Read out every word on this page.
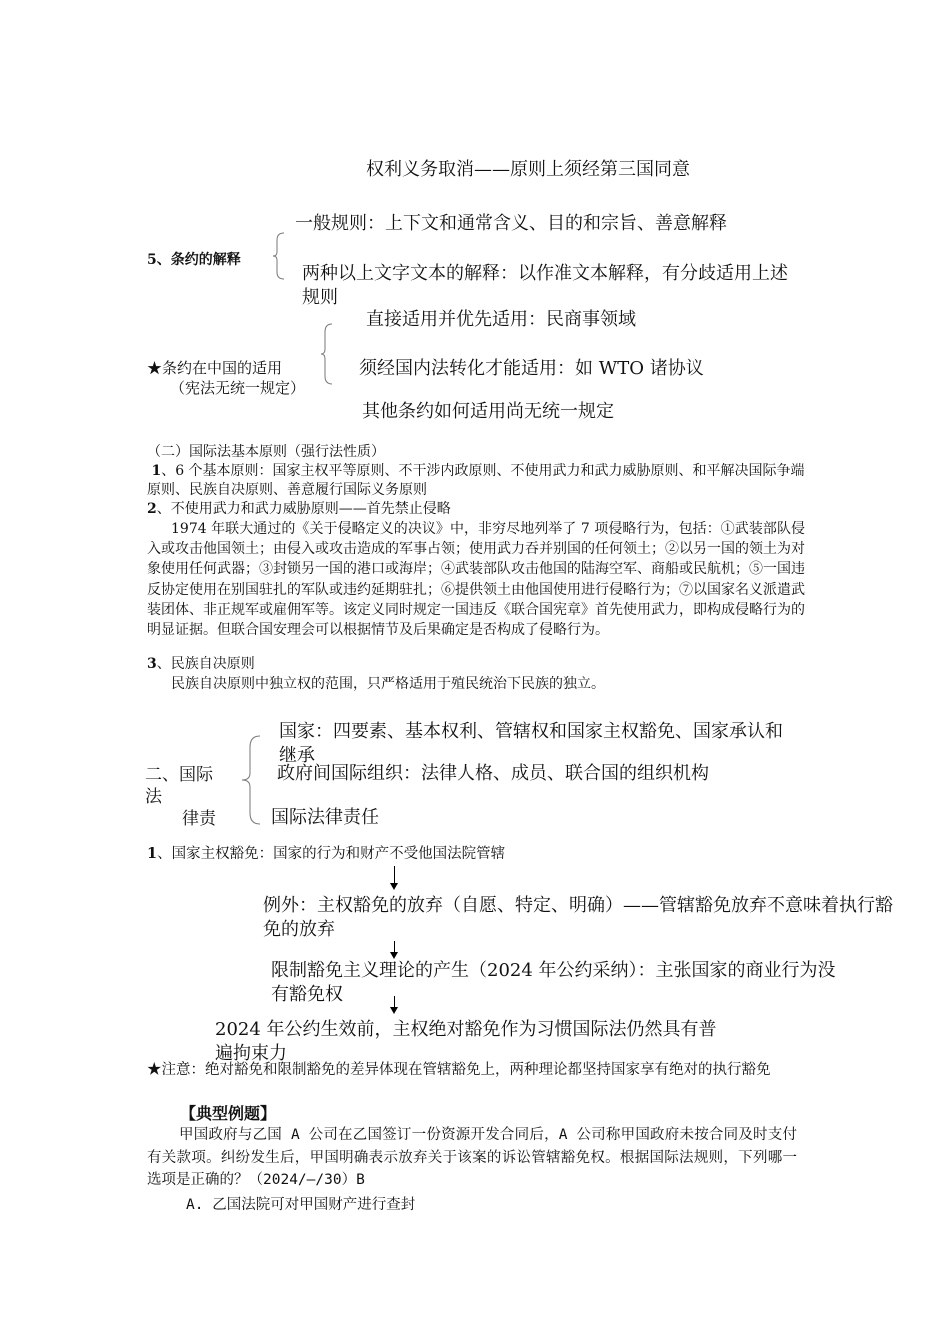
权利义务取消——原则上须经第三国同意
5、条约的解释
一般规则：上下文和通常含义、目的和宗旨、善意解释
两种以上文字文本的解释：以作准文本解释，有分歧适用上述规则
直接适用并优先适用：民商事领域
★条约在中国的适用	须经国内法转化才能适用：如 WTO 诸协议
（宪法无统一规定）
其他条约如何适用尚无统一规定
（二）国际法基本原则（强行法性质）
1、6 个基本原则：国家主权平等原则、不干涉内政原则、不使用武力和武力威胁原则、和平解决国际争端原则、民族自决原则、善意履行国际义务原则
2、不使用武力和武力威胁原则——首先禁止侵略
1974 年联大通过的《关于侵略定义的决议》中，非穷尽地列举了 7 项侵略行为，包括：①武装部队侵入或攻击他国领土；由侵入或攻击造成的军事占领；使用武力吞并别国的任何领土；②以另一国的领土为对象使用任何武器；③封锁另一国的港口或海岸；④武装部队攻击他国的陆海空军、商船或民航机；⑤一国违反协定使用在别国驻扎的军队或违约延期驻扎；⑥提供领土由他国使用进行侵略行为；⑦以国家名义派遣武装团体、非正规军或雇佣军等。该定义同时规定一国违反《联合国宪章》首先使用武力，即构成侵略行为的明显证据。但联合国安理会可以根据情节及后果确定是否构成了侵略行为。
3、民族自决原则
民族自决原则中独立权的范围，只严格适用于殖民统治下民族的独立。
二、国际
法
律责
国家：四要素、基本权利、管辖权和国家主权豁免、国家承认和继承
政府间国际组织：法律人格、成员、联合国的组织机构
国际法律责任
1、国家主权豁免：国家的行为和财产不受他国法院管辖
例外：主权豁免的放弃（自愿、特定、明确）——管辖豁免放弃不意味着执行豁免的放弃
限制豁免主义理论的产生（2024 年公约采纳）：主张国家的商业行为没有豁免权
2024 年公约生效前，主权绝对豁免作为习惯国际法仍然具有普遍拘束力
★注意：绝对豁免和限制豁免的差异体现在管辖豁免上，两种理论都坚持国家享有绝对的执行豁免
【典型例题】
甲国政府与乙国 A 公司在乙国签订一份资源开发合同后，A 公司称甲国政府未按合同及时支付有关款项。纠纷发生后，甲国明确表示放弃关于该案的诉讼管辖豁免权。根据国际法规则，下列哪一选项是正确的？（2024/—/30）B
A. 乙国法院可对甲国财产进行查封
